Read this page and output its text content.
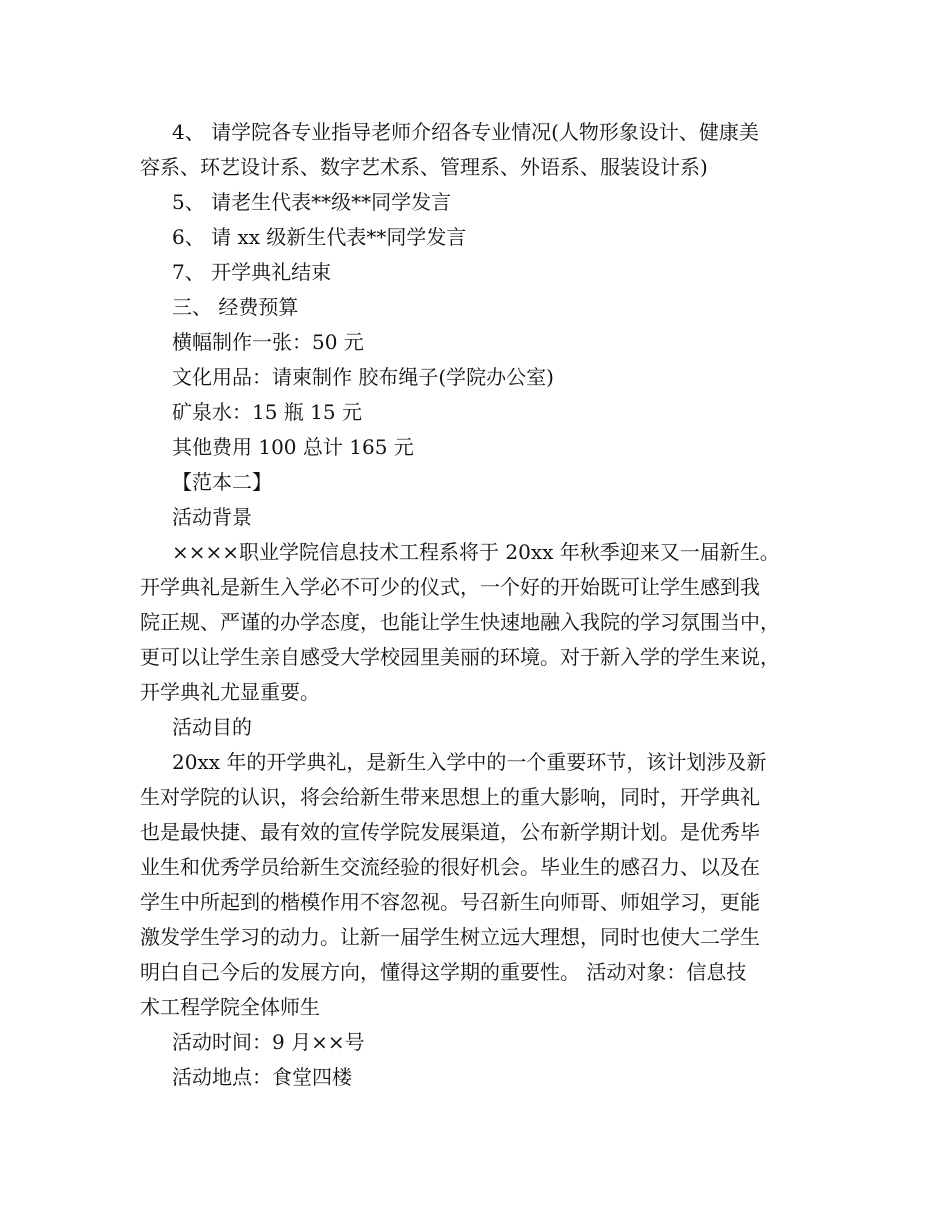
4、 请学院各专业指导老师介绍各专业情况(人物形象设计、健康美
容系、环艺设计系、数字艺术系、管理系、外语系、服装设计系)
5、 请老生代表**级**同学发言
6、 请 xx 级新生代表**同学发言
7、 开学典礼结束
三、 经费预算
横幅制作一张：50 元
文化用品：请柬制作 胶布绳子(学院办公室)
矿泉水：15 瓶 15 元
其他费用 100 总计 165 元
【范本二】
活动背景
××××职业学院信息技术工程系将于 20xx 年秋季迎来又一届新生。
开学典礼是新生入学必不可少的仪式，一个好的开始既可让学生感到我
院正规、严谨的办学态度，也能让学生快速地融入我院的学习氛围当中，
更可以让学生亲自感受大学校园里美丽的环境。对于新入学的学生来说，
开学典礼尤显重要。
活动目的
20xx 年的开学典礼，是新生入学中的一个重要环节，该计划涉及新
生对学院的认识，将会给新生带来思想上的重大影响，同时，开学典礼
也是最快捷、最有效的宣传学院发展渠道，公布新学期计划。是优秀毕
业生和优秀学员给新生交流经验的很好机会。毕业生的感召力、以及在
学生中所起到的楷模作用不容忽视。号召新生向师哥、师姐学习，更能
激发学生学习的动力。让新一届学生树立远大理想，同时也使大二学生
明白自己今后的发展方向，懂得这学期的重要性。 活动对象：信息技
术工程学院全体师生
活动时间：9 月××号
活动地点：食堂四楼
